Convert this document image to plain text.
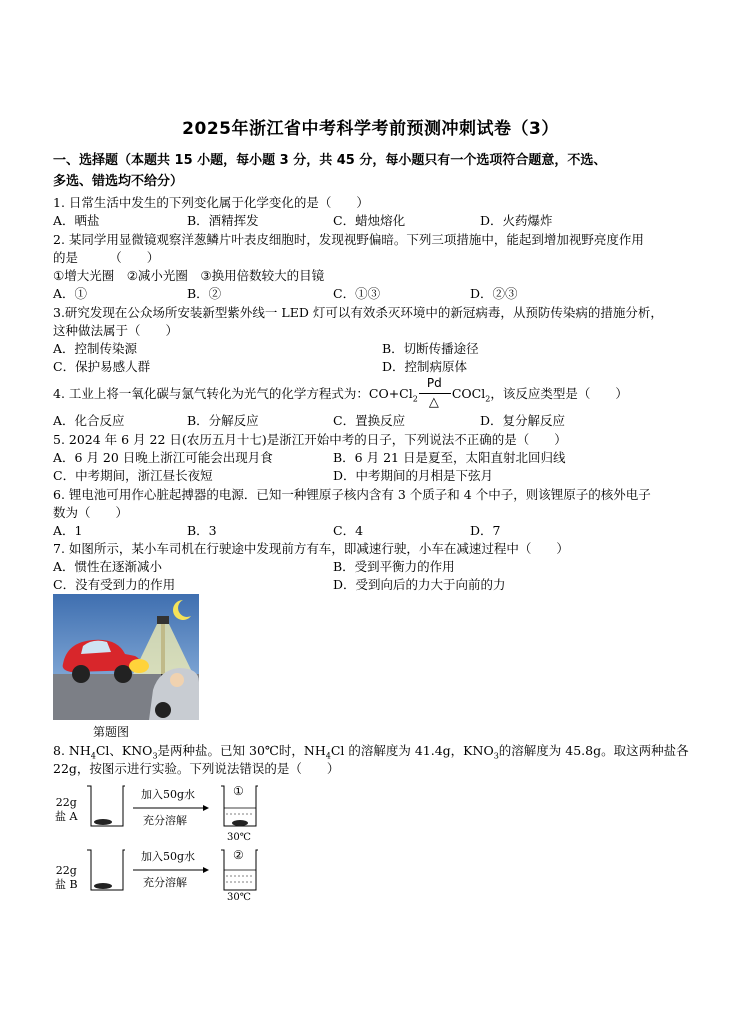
2025年浙江省中考科学考前预测冲刺试卷（3）
一、选择题（本题共 15 小题，每小题 3 分，共 45 分，每小题只有一个选项符合题意，不选、
多选、错选均不给分）
1. 日常生活中发生的下列变化属于化学变化的是（　　）
A．晒盐	B．酒精挥发	C．蜡烛熔化	D．火药爆炸
2. 某同学用显微镜观察洋葱鳞片叶表皮细胞时，发现视野偏暗。下列三项措施中，能起到增加视野亮度作用
的是　　　（　　）
①增大光圈　②减小光圈　③换用倍数较大的目镜
A．①	B．②	C．①③	D．②③
3.研究发现在公众场所安装新型紫外线一 LED 灯可以有效杀灭环境中的新冠病毒，从预防传染病的措施分析，
这种做法属于（　　）
A．控制传染源	B．切断传播途径
C．保护易感人群	D．控制病原体
4. 工业上将一氧化碳与氯气转化为光气的化学方程式为：$CO+Cl_2$
Pd
△
COCl$_2$，该反应类型是（　　）
A．化合反应	B．分解反应	C．置换反应	D．复分解反应
5. 2024 年 6 月 22 日(农历五月十七)是浙江开始中考的日子，下列说法不正确的是（　　）
A．6 月 20 日晚上浙江可能会出现月食	B．6 月 21 日是夏至，太阳直射北回归线
C．中考期间，浙江昼长夜短	D．中考期间的月相是下弦月
6. 锂电池可用作心脏起搏器的电源．已知一种锂原子核内含有 3 个质子和 4 个中子，则该锂原子的核外电子
数为（　　）
A．1	B．3	C．4	D．7
7. 如图所示，某小车司机在行驶途中发现前方有车，即减速行驶，小车在减速过程中（　　）
A．惯性在逐渐减小	B．受到平衡力的作用
C．没有受到力的作用	D．受到向后的力大于向前的力
第题图
8. $NH_4Cl$、$KNO_3$是两种盐。已知 30℃时，$NH_4Cl$ 的溶解度为 41.4g，$KNO_3$的溶解度为 45.8g。取这两种盐各
22g，按图示进行实验。下列说法错误的是（　　）
22g
盐 A
加入50g水
充分溶解
①
30℃
22g
盐 B
加入50g水
充分溶解
②
30℃
